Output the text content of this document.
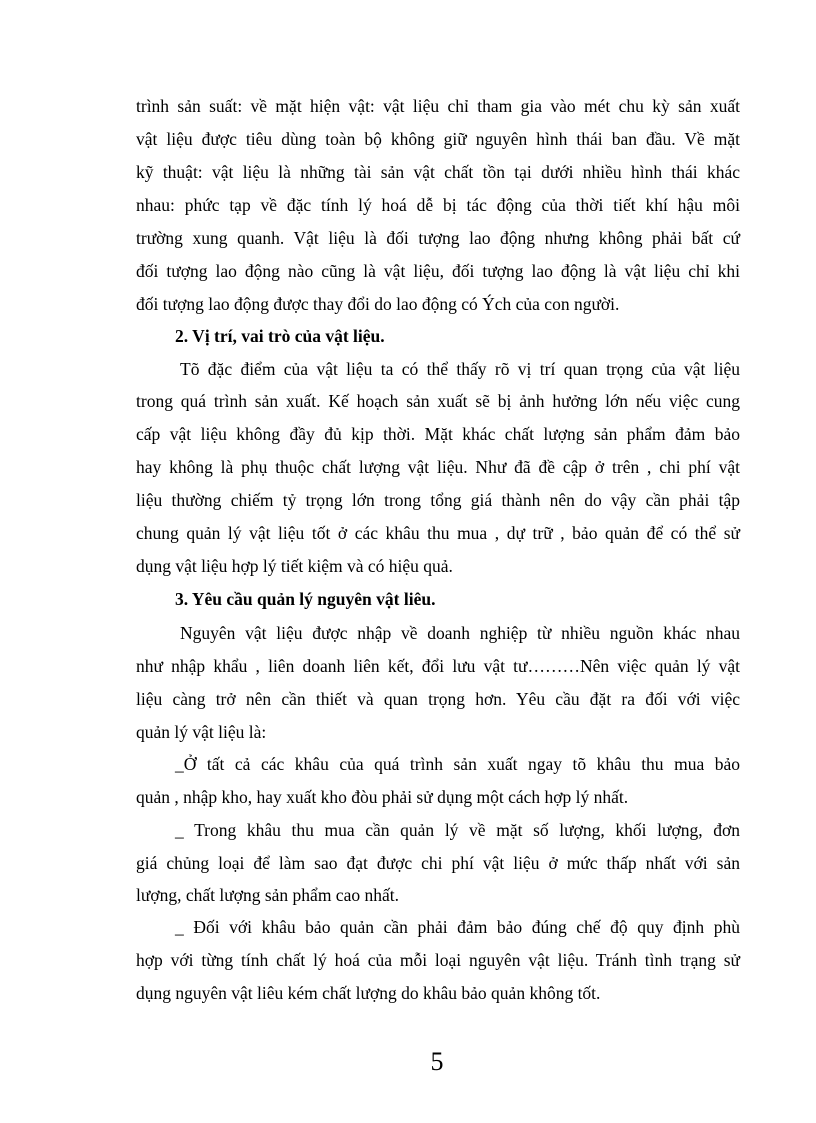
trình sản suất: về mặt hiện vật: vật liệu chỉ tham gia vào mét chu kỳ sản xuất
vật liệu được tiêu dùng toàn bộ không giữ nguyên hình thái ban đầu. Về mặt
kỹ thuật: vật liệu là những tài sản vật chất tồn tại dưới nhiều hình thái khác
nhau: phức tạp về đặc tính lý hoá dễ bị tác động của thời tiết khí hậu môi
trường xung quanh. Vật liệu là đối tượng lao động nhưng không phải bất cứ
đối tượng lao động nào cũng là vật liệu, đối tượng lao động là vật liệu chỉ khi
đối tượng lao động được thay đổi do lao động có Ých của con người.
2. Vị trí, vai trò của vật liệu.
Tõ đặc điểm của vật liệu ta có thể thấy rõ vị trí quan trọng của vật liệu
trong quá trình sản xuất. Kế hoạch sản xuất sẽ bị ảnh hưởng lớn nếu việc cung
cấp vật liệu không đầy đủ kịp thời. Mặt khác chất lượng sản phẩm đảm bảo
hay không là phụ thuộc chất lượng vật liệu. Như đã đề cập ở trên , chi phí vật
liệu thường chiếm tỷ trọng lớn trong tổng giá thành nên do vậy cần phải tập
chung quản lý vật liệu tốt ở các khâu thu mua , dự trữ , bảo quản để có thể sử
dụng vật liệu hợp lý tiết kiệm và có hiệu quả.
3. Yêu cầu quản lý nguyên vật liêu.
Nguyên vật liệu được nhập về doanh nghiệp từ nhiều nguồn khác nhau
như nhập khẩu , liên doanh liên kết, đổi lưu vật tư………Nên việc quản lý vật
liệu càng trở nên cần thiết và quan trọng hơn. Yêu cầu đặt ra đối với việc
quản lý vật liệu là:
_Ở tất cả các khâu của quá trình sản xuất ngay tõ khâu thu mua bảo
quản , nhập kho, hay xuất kho đòu phải sử dụng một cách hợp lý nhất.
_ Trong khâu thu mua cần quản lý về mặt số lượng, khối lượng, đơn
giá chủng loại để làm sao đạt được chi phí vật liệu ở mức thấp nhất với sản
lượng, chất lượng sản phẩm cao nhất.
_ Đối với khâu bảo quản cần phải đảm bảo đúng chế độ quy định phù
hợp với từng tính chất lý hoá của mỗi loại nguyên vật liệu. Tránh tình trạng sử
dụng nguyên vật liêu kém chất lượng do khâu bảo quản không tốt.
5
